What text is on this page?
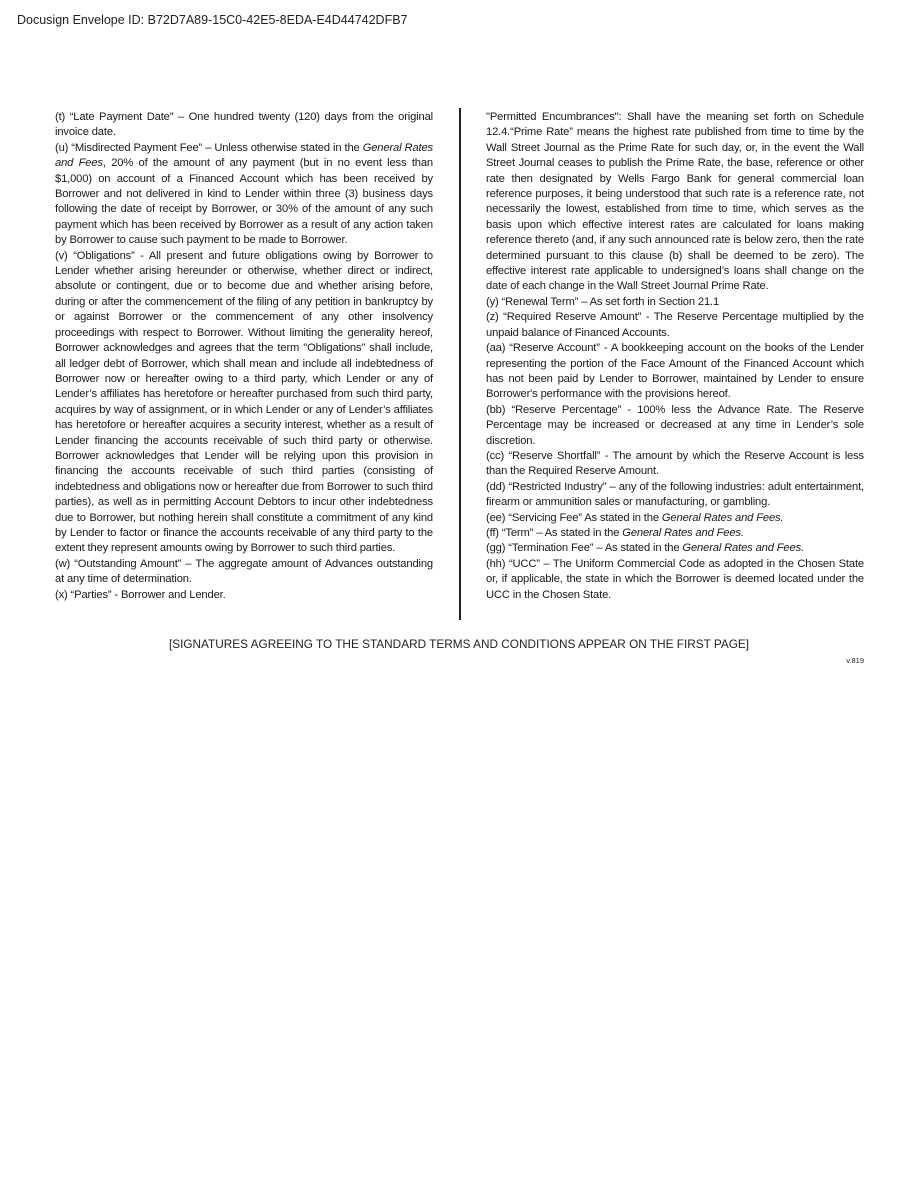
Docusign Envelope ID: B72D7A89-15C0-42E5-8EDA-E4D44742DFB7

(t) “Late Payment Date” – One hundred twenty (120) days from the original invoice date.

(u) “Misdirected Payment Fee” – Unless otherwise stated in the General Rates and Fees, 20% of the amount of any payment (but in no event less than $1,000) on account of a Financed Account which has been received by Borrower and not delivered in kind to Lender within three (3) business days following the date of receipt by Borrower, or 30% of the amount of any such payment which has been received by Borrower as a result of any action taken by Borrower to cause such payment to be made to Borrower.

(v) “Obligations” - All present and future obligations owing by Borrower to Lender whether arising hereunder or otherwise, whether direct or indirect, absolute or contingent, due or to become due and whether arising before, during or after the commencement of the filing of any petition in bankruptcy by or against Borrower or the commencement of any other insolvency proceedings with respect to Borrower. Without limiting the generality hereof, Borrower acknowledges and agrees that the term "Obligations" shall include, all ledger debt of Borrower, which shall mean and include all indebtedness of Borrower now or hereafter owing to a third party, which Lender or any of Lender’s affiliates has heretofore or hereafter purchased from such third party, acquires by way of assignment, or in which Lender or any of Lender’s affiliates has heretofore or hereafter acquires a security interest, whether as a result of Lender financing the accounts receivable of such third party or otherwise. Borrower acknowledges that Lender will be relying upon this provision in financing the accounts receivable of such third parties (consisting of indebtedness and obligations now or hereafter due from Borrower to such third parties), as well as in permitting Account Debtors to incur other indebtedness due to Borrower, but nothing herein shall constitute a commitment of any kind by Lender to factor or finance the accounts receivable of any third party to the extent they represent amounts owing by Borrower to such third parties.

(w) “Outstanding Amount” – The aggregate amount of Advances outstanding at any time of determination.

(x) “Parties” - Borrower and Lender.

"Permitted Encumbrances": Shall have the meaning set forth on Schedule 12.4.“Prime Rate” means the highest rate published from time to time by the Wall Street Journal as the Prime Rate for such day, or, in the event the Wall Street Journal ceases to publish the Prime Rate, the base, reference or other rate then designated by Wells Fargo Bank for general commercial loan reference purposes, it being understood that such rate is a reference rate, not necessarily the lowest, established from time to time, which serves as the basis upon which effective interest rates are calculated for loans making reference thereto (and, if any such announced rate is below zero, then the rate determined pursuant to this clause (b) shall be deemed to be zero). The effective interest rate applicable to undersigned’s loans shall change on the date of each change in the Wall Street Journal Prime Rate.

(y) “Renewal Term” – As set forth in Section 21.1

(z) “Required Reserve Amount” - The Reserve Percentage multiplied by the unpaid balance of Financed Accounts.

(aa) “Reserve Account” - A bookkeeping account on the books of the Lender representing the portion of the Face Amount of the Financed Account which has not been paid by Lender to Borrower, maintained by Lender to ensure Borrower's performance with the provisions hereof.

(bb) “Reserve Percentage” - 100% less the Advance Rate. The Reserve Percentage may be increased or decreased at any time in Lender’s sole discretion.

(cc) “Reserve Shortfall” - The amount by which the Reserve Account is less than the Required Reserve Amount.

(dd) “Restricted Industry” – any of the following industries: adult entertainment, firearm or ammunition sales or manufacturing, or gambling.

(ee) “Servicing Fee” As stated in the General Rates and Fees.

(ff) “Term” – As stated in the General Rates and Fees.

(gg) “Termination Fee” – As stated in the General Rates and Fees.

(hh) “UCC” – The Uniform Commercial Code as adopted in the Chosen State or, if applicable, the state in which the Borrower is deemed located under the UCC in the Chosen State.

[SIGNATURES AGREEING TO THE STANDARD TERMS AND CONDITIONS APPEAR ON THE FIRST PAGE]
v.819
